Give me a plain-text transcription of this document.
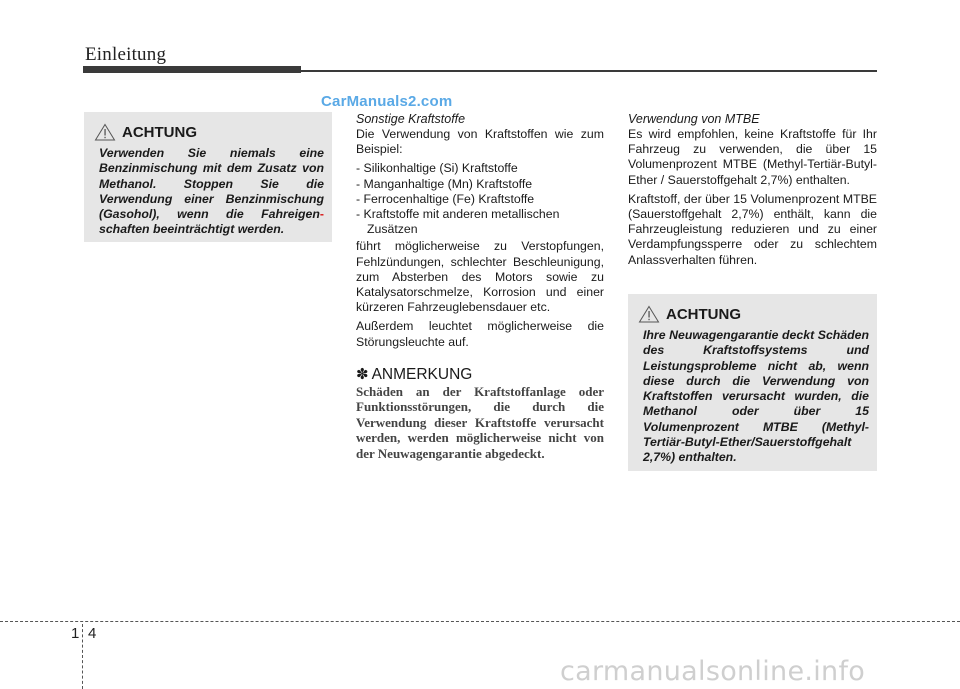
Einleitung
CarManuals2.com
ACHTUNG

Verwenden Sie niemals eine Benzinmischung mit dem Zusatz von Methanol. Stoppen Sie die Verwendung einer Benzinmischung (Gasohol), wenn die Fahreigen- schaften beeinträchtigt werden.

Sonstige Kraftstoffe

Die Verwendung von Kraftstoffen wie zum Beispiel:

- Silikonhaltige (Si) Kraftstoffe
- Manganhaltige (Mn) Kraftstoffe
- Ferrocenhaltige (Fe) Kraftstoffe
- Kraftstoffe mit anderen metallischen Zusätzen

führt möglicherweise zu Verstopfungen, Fehlzündungen, schlechter Beschleunigung, zum Absterben des Motors sowie zu Katalysatorschmelze, Korrosion und einer kürzeren Fahrzeuglebensdauer etc.

Außerdem leuchtet möglicherweise die Störungsleuchte auf.

✽ ANMERKUNG

Schäden an der Kraftstoffanlage oder Funktionsstörungen, die durch die Verwendung dieser Kraftstoffe verursacht werden, werden möglicherweise nicht von der Neuwagengarantie abgedeckt.

Verwendung von MTBE

Es wird empfohlen, keine Kraftstoffe für Ihr Fahrzeug zu verwenden, die über 15 Volumenprozent MTBE (Methyl-Tertiär-Butyl-Ether / Sauerstoffgehalt 2,7%) enthalten.

Kraftstoff, der über 15 Volumenprozent MTBE (Sauerstoffgehalt 2,7%) enthält, kann die Fahrzeugleistung reduzieren und zu einer Verdampfungssperre oder zu schlechtem Anlassverhalten führen.

ACHTUNG

Ihre Neuwagengarantie deckt Schäden des Kraftstoffsystems und Leistungsprobleme nicht ab, wenn diese durch die Verwendung von Kraftstoffen verursacht wurden, die Methanol oder über 15 Volumenprozent MTBE (Methyl-Tertiär-Butyl-Ether/Sauerstoffgehalt 2,7%) enthalten.

1 4
carmanualsonline.info
